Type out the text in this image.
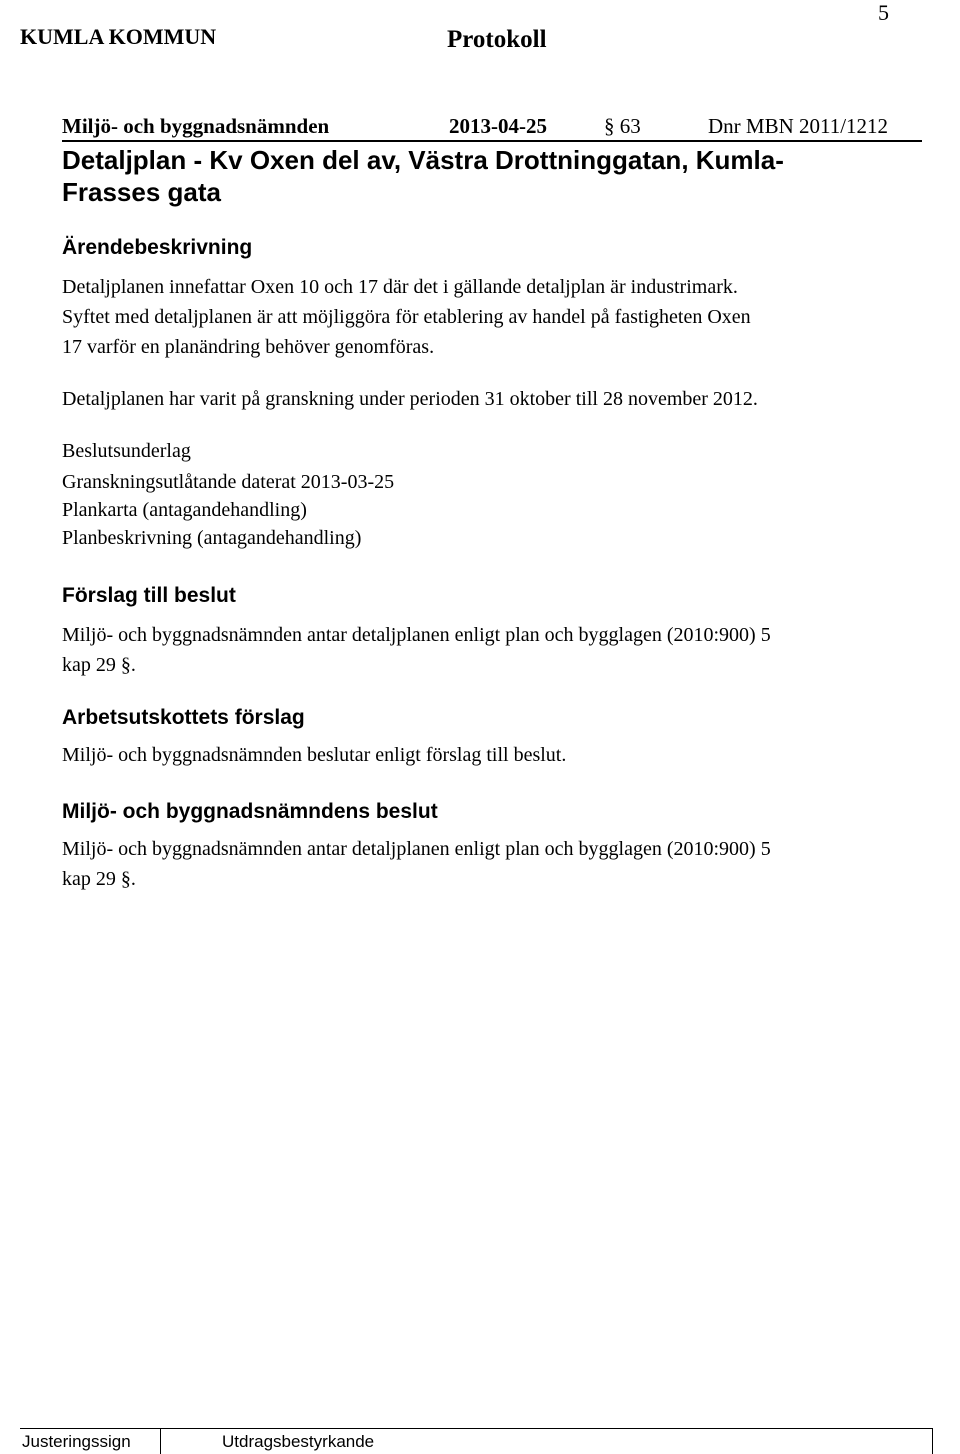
5
KUMLA KOMMUN	Protokoll
Miljö- och byggnadsnämnden	2013-04-25	§ 63	Dnr MBN 2011/1212
Detaljplan - Kv Oxen del av, Västra Drottninggatan, Kumla-Frasses gata
Ärendebeskrivning
Detaljplanen innefattar Oxen 10 och 17 där det i gällande detaljplan är industrimark.
Syftet med detaljplanen är att möjliggöra för etablering av handel på fastigheten Oxen
17 varför en planändring behöver genomföras.
Detaljplanen har varit på granskning under perioden 31 oktober till 28 november 2012.
Beslutsunderlag
Granskningsutlåtande daterat 2013-03-25
Plankarta (antagandehandling)
Planbeskrivning (antagandehandling)
Förslag till beslut
Miljö- och byggnadsnämnden antar detaljplanen enligt plan och bygglagen (2010:900) 5
kap 29 §.
Arbetsutskottets förslag
Miljö- och byggnadsnämnden beslutar enligt förslag till beslut.
Miljö- och byggnadsnämndens beslut
Miljö- och byggnadsnämnden antar detaljplanen enligt plan och bygglagen (2010:900) 5
kap 29 §.
Justeringssign	Utdragsbestyrkande
